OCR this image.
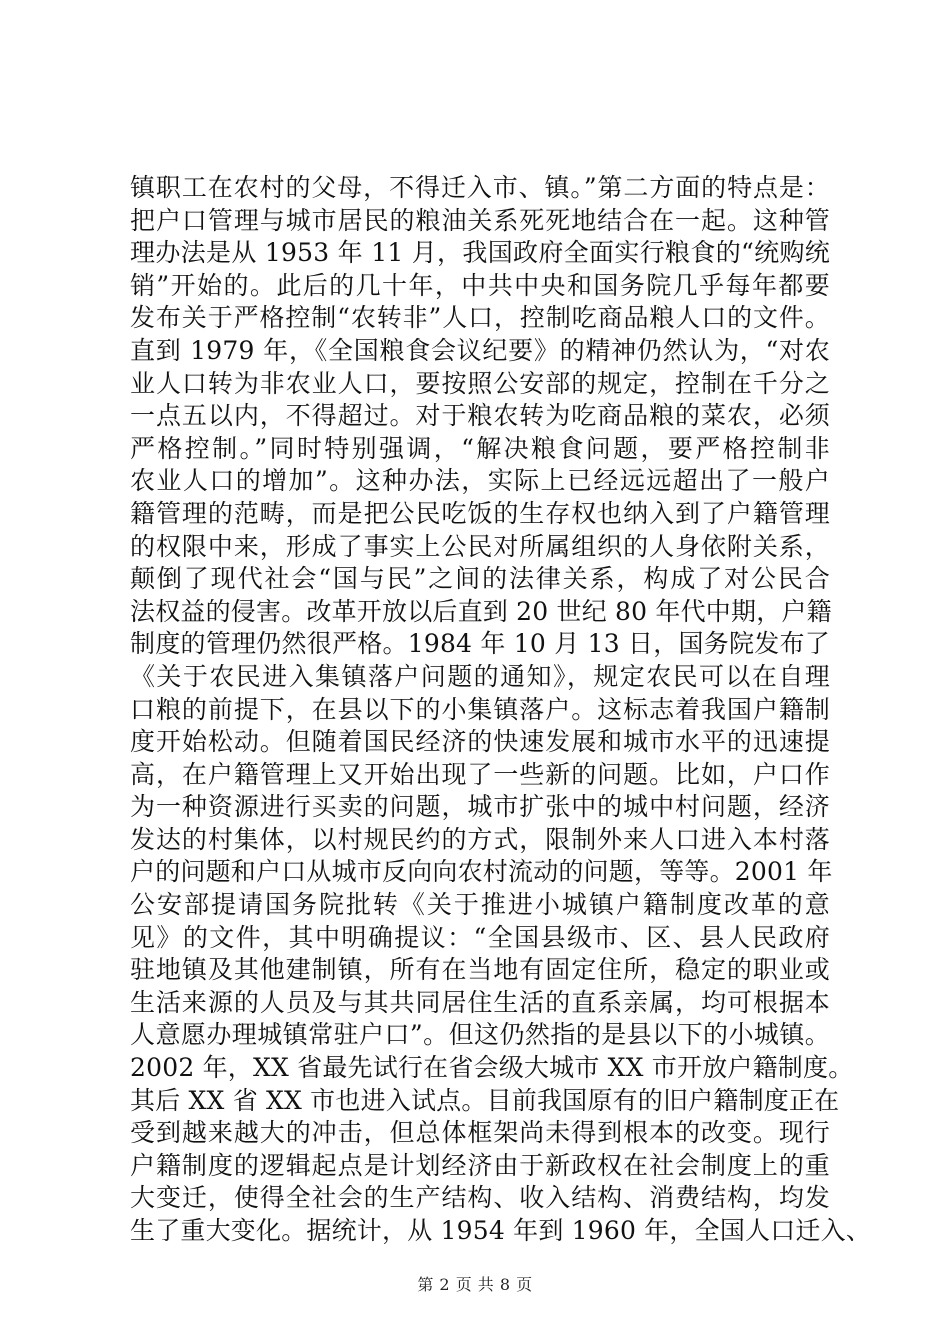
镇职工在农村的父母，不得迁入市、镇。”第二方面的特点是：
把户口管理与城市居民的粮油关系死死地结合在一起。这种管
理办法是从 1953 年 11 月，我国政府全面实行粮食的“统购统
销”开始的。此后的几十年，中共中央和国务院几乎每年都要
发布关于严格控制“农转非”人口，控制吃商品粮人口的文件。
直到 1979 年，《全国粮食会议纪要》的精神仍然认为，“对农
业人口转为非农业人口，要按照公安部的规定，控制在千分之
一点五以内，不得超过。对于粮农转为吃商品粮的菜农，必须
严格控制。”同时特别强调，“解决粮食问题，要严格控制非
农业人口的增加”。这种办法，实际上已经远远超出了一般户
籍管理的范畴，而是把公民吃饭的生存权也纳入到了户籍管理
的权限中来，形成了事实上公民对所属组织的人身依附关系，
颠倒了现代社会“国与民”之间的法律关系，构成了对公民合
法权益的侵害。改革开放以后直到 20 世纪 80 年代中期，户籍
制度的管理仍然很严格。1984 年 10 月 13 日，国务院发布了
《关于农民进入集镇落户问题的通知》，规定农民可以在自理
口粮的前提下，在县以下的小集镇落户。这标志着我国户籍制
度开始松动。但随着国民经济的快速发展和城市水平的迅速提
高，在户籍管理上又开始出现了一些新的问题。比如，户口作
为一种资源进行买卖的问题，城市扩张中的城中村问题，经济
发达的村集体，以村规民约的方式，限制外来人口进入本村落
户的问题和户口从城市反向向农村流动的问题，等等。2001 年
公安部提请国务院批转《关于推进小城镇户籍制度改革的意
见》的文件，其中明确提议：“全国县级市、区、县人民政府
驻地镇及其他建制镇，所有在当地有固定住所，稳定的职业或
生活来源的人员及与其共同居住生活的直系亲属，均可根据本
人意愿办理城镇常驻户口”。但这仍然指的是县以下的小城镇。
2002 年，XX 省最先试行在省会级大城市 XX 市开放户籍制度。
其后 XX 省 XX 市也进入试点。目前我国原有的旧户籍制度正在
受到越来越大的冲击，但总体框架尚未得到根本的改变。现行
户籍制度的逻辑起点是计划经济由于新政权在社会制度上的重
大变迁，使得全社会的生产结构、收入结构、消费结构，均发
生了重大变化。据统计，从 1954 年到 1960 年，全国人口迁入、
第 2 页 共 8 页
